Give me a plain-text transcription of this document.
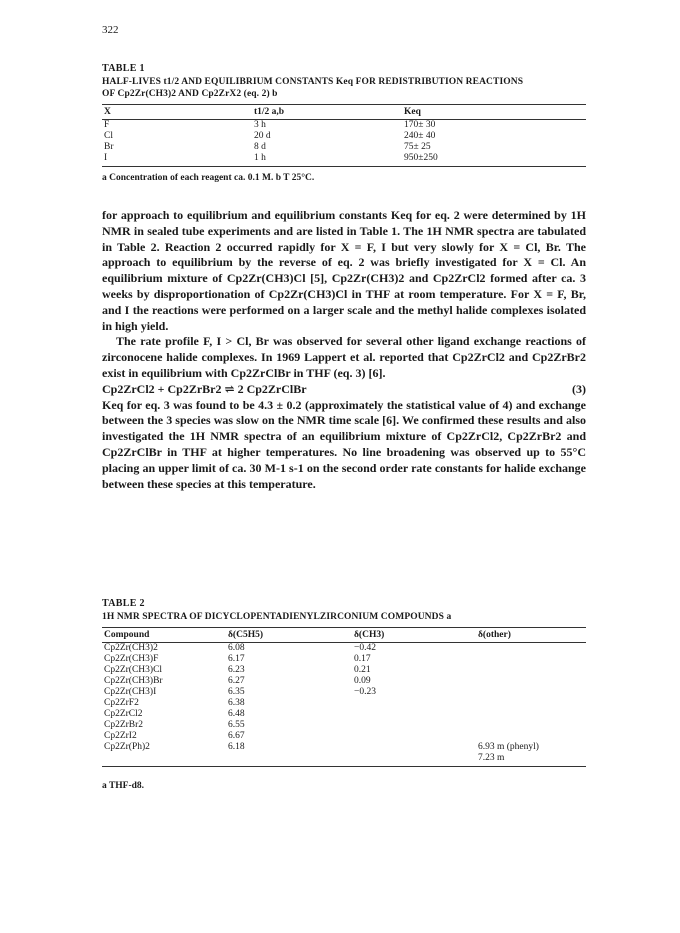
322
TABLE 1
HALF-LIVES t1/2 AND EQUILIBRIUM CONSTANTS Keq FOR REDISTRIBUTION REACTIONS
OF Cp2Zr(CH3)2 AND Cp2ZrX2 (eq. 2) b
X	t1/2 a,b	Keq
F	3 h	170± 30
Cl	20 d	240± 40
Br	8 d	75± 25
I	1 h	950±250
a Concentration of each reagent ca. 0.1 M. b T 25°C.

for approach to equilibrium and equilibrium constants Keq for eq. 2 were determined by 1H NMR in sealed tube experiments and are listed in Table 1. The 1H NMR spectra are tabulated in Table 2. Reaction 2 occurred rapidly for X = F, I but very slowly for X = Cl, Br. The approach to equilibrium by the reverse of eq. 2 was briefly investigated for X = Cl. An equilibrium mixture of Cp2Zr(CH3)Cl [5], Cp2Zr(CH3)2 and Cp2ZrCl2 formed after ca. 3 weeks by disproportionation of Cp2Zr(CH3)Cl in THF at room temperature. For X = F, Br, and I the reactions were performed on a larger scale and the methyl halide complexes isolated in high yield.

The rate profile F, I > Cl, Br was observed for several other ligand exchange reactions of zirconocene halide complexes. In 1969 Lappert et al. reported that Cp2ZrCl2 and Cp2ZrBr2 exist in equilibrium with Cp2ZrClBr in THF (eq. 3) [6].

Cp2ZrCl2 + Cp2ZrBr2 ⇌ 2 Cp2ZrClBr	(3)

Keq for eq. 3 was found to be 4.3 ± 0.2 (approximately the statistical value of 4) and exchange between the 3 species was slow on the NMR time scale [6]. We confirmed these results and also investigated the 1H NMR spectra of an equilibrium mixture of Cp2ZrCl2, Cp2ZrBr2 and Cp2ZrClBr in THF at higher temperatures. No line broadening was observed up to 55°C placing an upper limit of ca. 30 M-1 s-1 on the second order rate constants for halide exchange between these species at this temperature.

TABLE 2
1H NMR SPECTRA OF DICYCLOPENTADIENYLZIRCONIUM COMPOUNDS a
Compound	δ(C5H5)	δ(CH3)	δ(other)
Cp2Zr(CH3)2	6.08	−0.42	
Cp2Zr(CH3)F	6.17	0.17	
Cp2Zr(CH3)Cl	6.23	0.21	
Cp2Zr(CH3)Br	6.27	0.09	
Cp2Zr(CH3)I	6.35	−0.23	
Cp2ZrF2	6.38		
Cp2ZrCl2	6.48		
Cp2ZrBr2	6.55		
Cp2ZrI2	6.67		
Cp2Zr(Ph)2	6.18		6.93 m (phenyl)
			7.23 m
a THF-d8.
